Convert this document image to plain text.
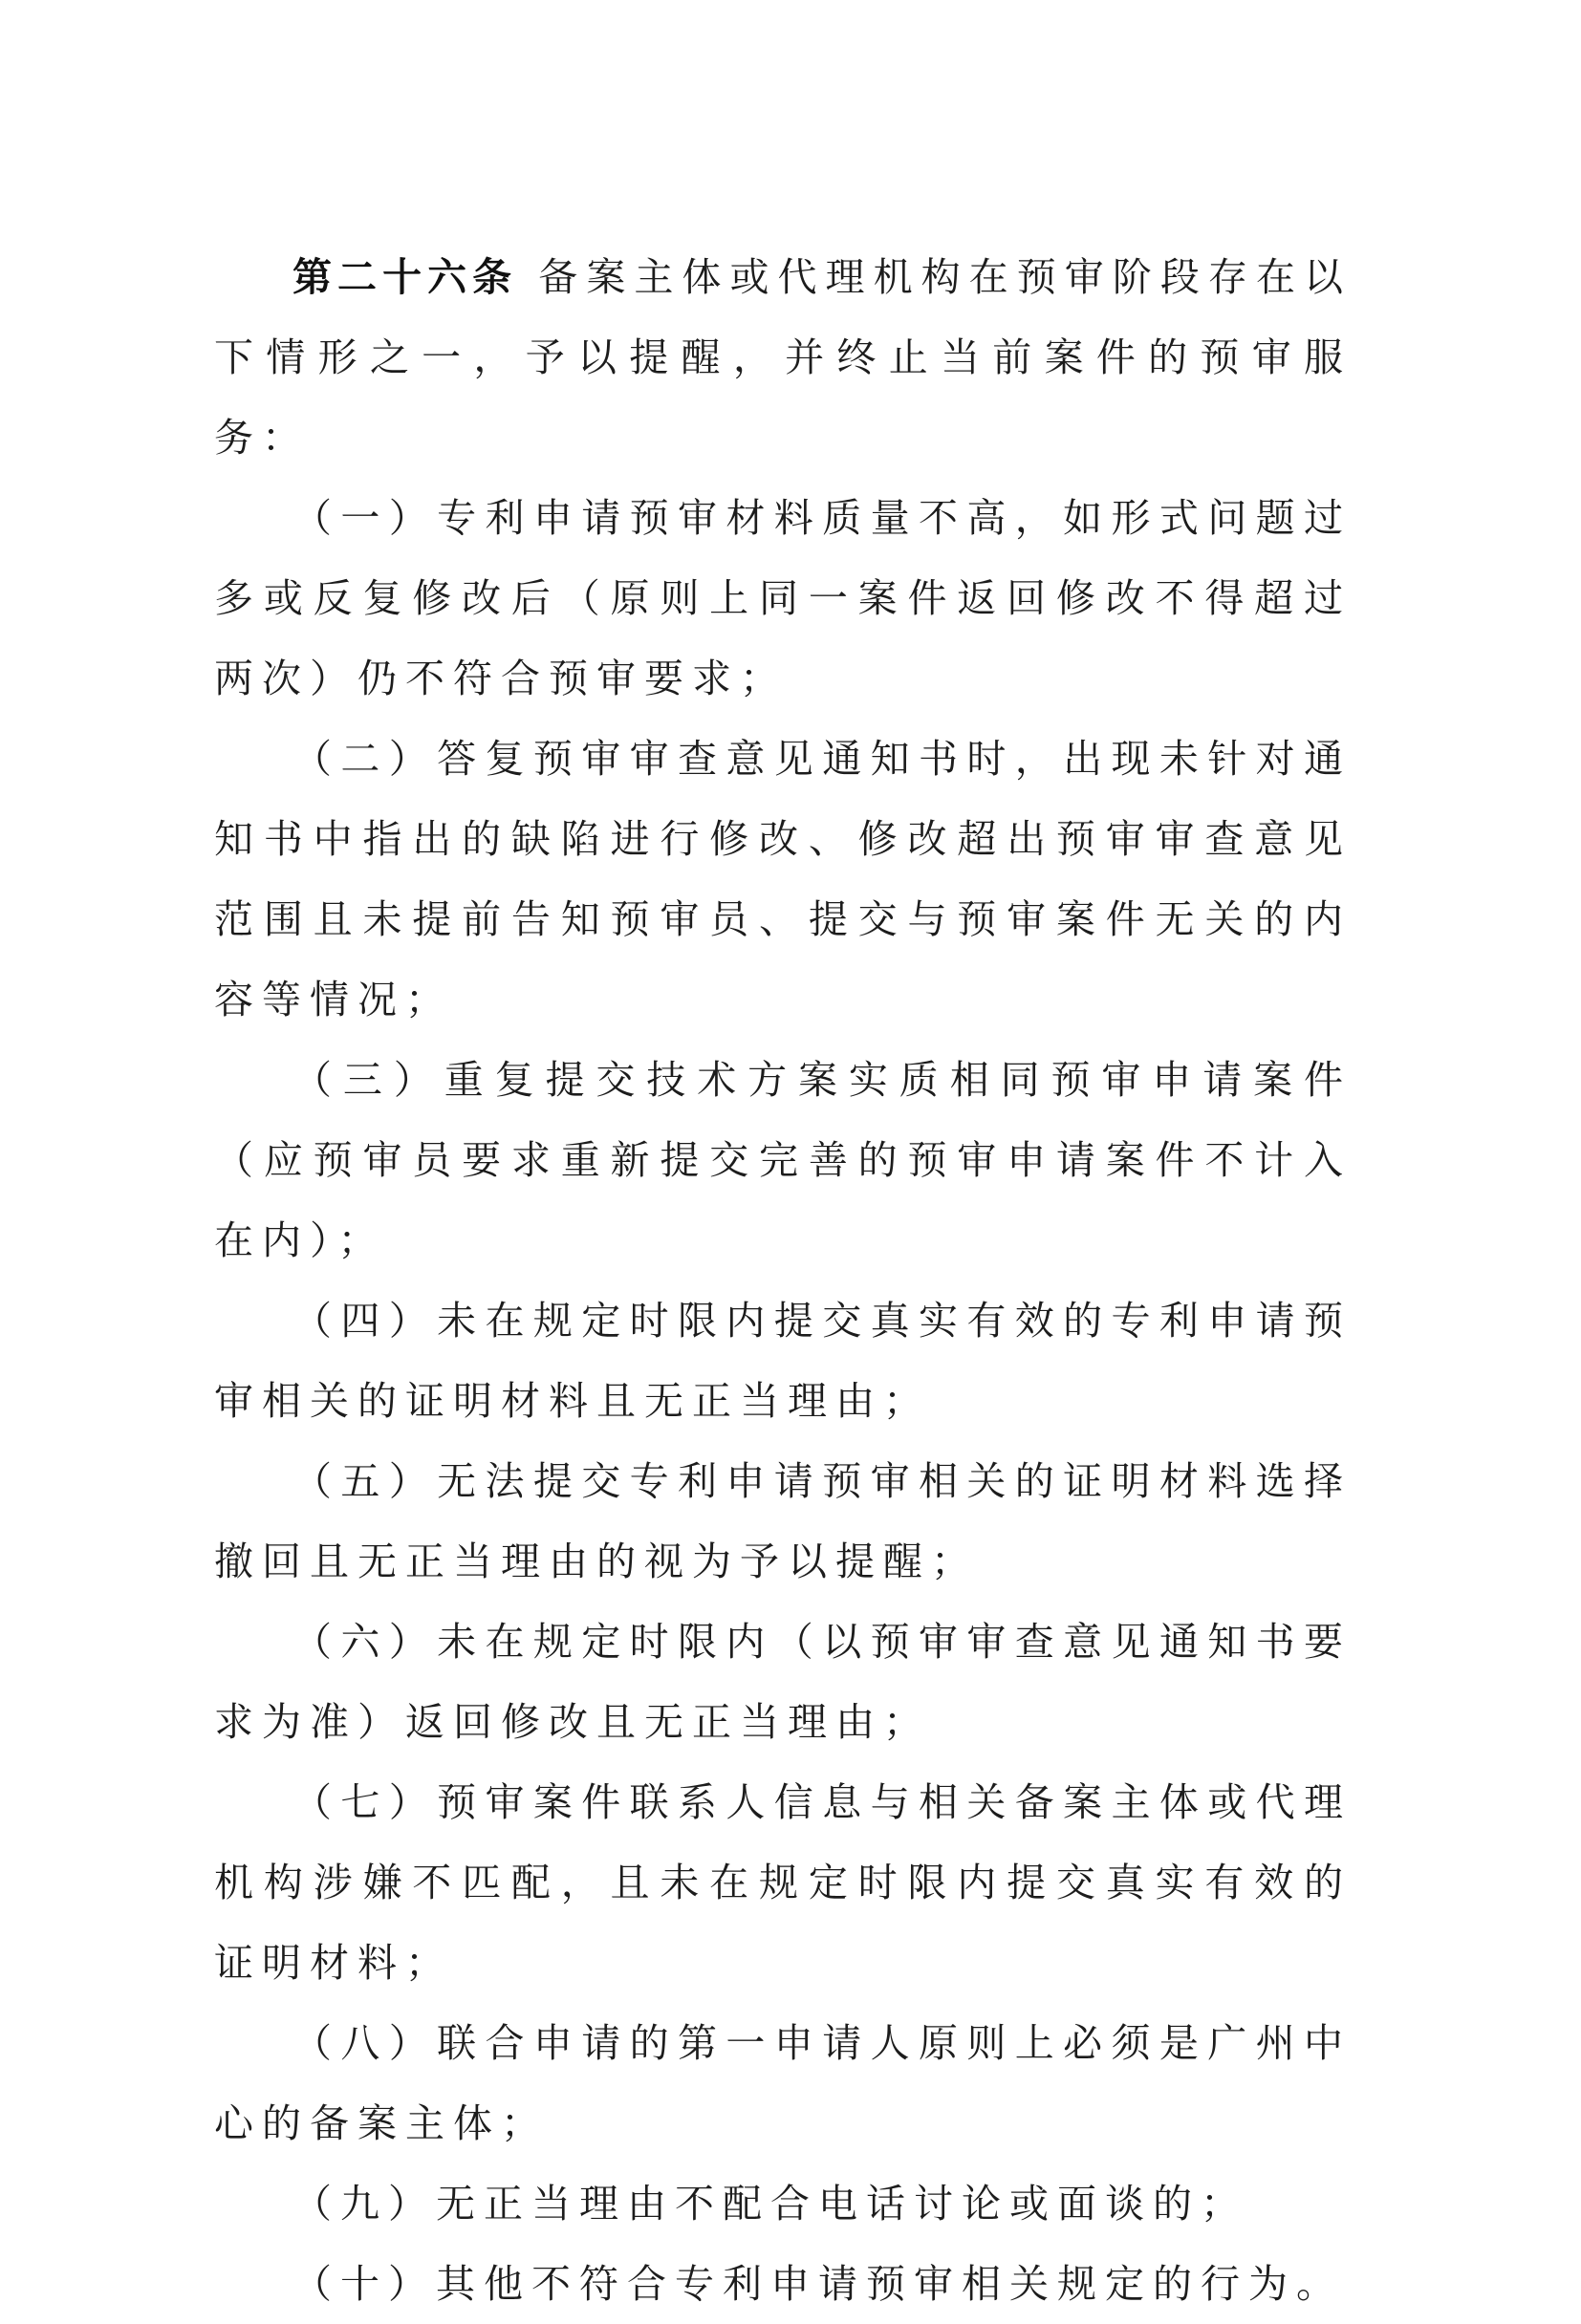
第二十六条 备案主体或代理机构在预审阶段存在以下情形之一，予以提醒，并终止当前案件的预审服务：

（一）专利申请预审材料质量不高，如形式问题过多或反复修改后（原则上同一案件返回修改不得超过两次）仍不符合预审要求；

（二）答复预审审查意见通知书时，出现未针对通知书中指出的缺陷进行修改、修改超出预审审查意见范围且未提前告知预审员、提交与预审案件无关的内容等情况；

（三）重复提交技术方案实质相同预审申请案件（应预审员要求重新提交完善的预审申请案件不计入在内）；

（四）未在规定时限内提交真实有效的专利申请预审相关的证明材料且无正当理由；

（五）无法提交专利申请预审相关的证明材料选择撤回且无正当理由的视为予以提醒；

（六）未在规定时限内（以预审审查意见通知书要求为准）返回修改且无正当理由；

（七）预审案件联系人信息与相关备案主体或代理机构涉嫌不匹配，且未在规定时限内提交真实有效的证明材料；

（八）联合申请的第一申请人原则上必须是广州中心的备案主体；

（九）无正当理由不配合电话讨论或面谈的；

（十）其他不符合专利申请预审相关规定的行为。
